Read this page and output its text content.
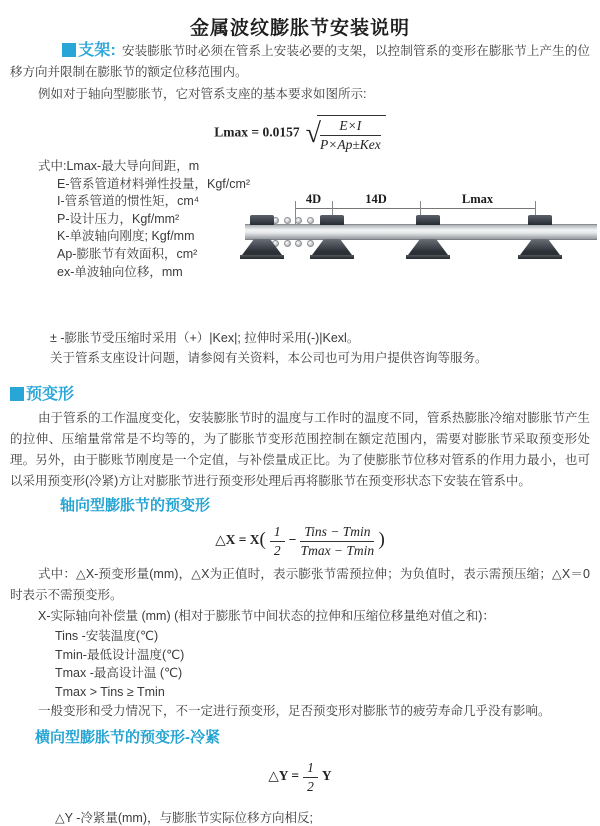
金属波纹膨胀节安装说明

支架: 安装膨胀节时必须在管系上安装必要的支架，以控制管系的变形在膨胀节上产生的位移方向并限制在膨胀节的额定位移范围内。

例如对于轴向型膨胀节，它对管系支座的基本要求如图所示:

Lmax = 0.0157 √ $\frac{E\times I}{\text{P×Ap±Kex}}$
式中:Lmax-最大导向间距，m
E-管系管道材料弹性投量，Kgf/cm²
I-管系管道的惯性矩，cm⁴
P-设计压力，Kgf/mm²
K-单波轴向刚度; Kgf/mm
Ap-膨胀节有效面积，cm²
ex-单波轴向位移，mm
4D	14D	Lmax
± -膨胀节受压缩时采用（+）|Kex|; 拉伸时采用(-)|Kexl。
关于管系支座设计问题，请参阅有关资料，本公司也可为用户提供咨询等服务。
预变形

由于管系的工作温度变化，安装膨胀节时的温度与工作时的温度不同，管系热膨胀冷缩对膨胀节产生的拉伸、压缩量常常是不均等的，为了膨胀节变形范围控制在额定范围内，需要对膨胀节采取预变形处理。另外，由于膨账节刚度是一个定值，与补偿量成正比。为了使膨胀节位移对管系的作用力最小，也可以采用预变形(冷紧)方让对膨胀节进行预变形处理后再将膨胀节在预变形状态下安装在管系中。

轴向型膨胀节的预变形
△X = $X( \frac{1}{2} - \frac{\text{Tins − Tmin}}{Tmax - Tmin}$ )

式中：△X-预变形量(mm)，△X为正值时，表示膨张节需预拉伸；为负值时，表示需预压缩；△X＝0时表示不需预变形。

X-实际轴向补偿量 (mm) (相对于膨胀节中间状态的拉伸和压缩位移量绝对值之和)：

Tins -安装温度(℃)
Tmin-最低设计温度(℃)
Tmax -最高设计温 (℃)
Tmax > Tins ≥ Tmin

一般变形和受力情况下，不一定进行预变形，足否预变形对膨胀节的疲劳寿命几乎没有影响。

横向型膨胀节的预变形-冷紧
△Y = $\frac{1}{2}$ Y
△Y -冷紧量(mm)，与膨胀节实际位移方向相反;
